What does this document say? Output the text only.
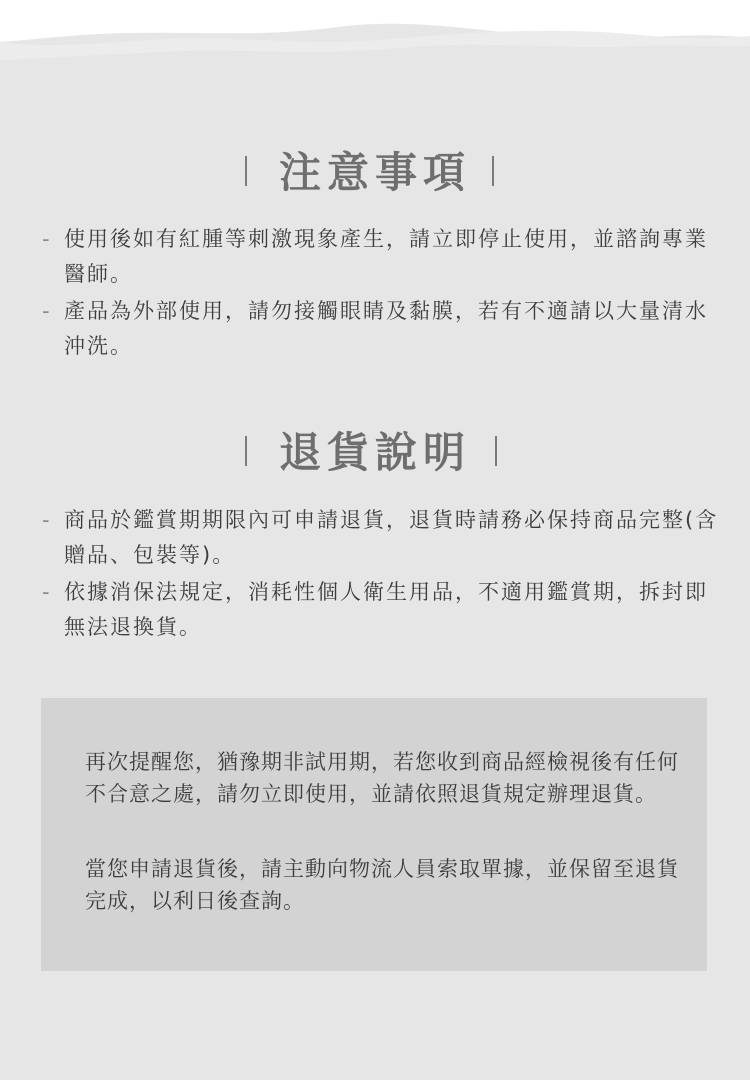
注意事項
- 使用後如有紅腫等刺激現象產生，請立即停止使用，並諮詢專業醫師。
- 產品為外部使用，請勿接觸眼睛及黏膜，若有不適請以大量清水沖洗。
退貨說明
- 商品於鑑賞期期限內可申請退貨，退貨時請務必保持商品完整(含贈品、包裝等)。
- 依據消保法規定，消耗性個人衛生用品，不適用鑑賞期，拆封即無法退換貨。

再次提醒您，猶豫期非試用期，若您收到商品經檢視後有任何不合意之處，請勿立即使用，並請依照退貨規定辦理退貨。

當您申請退貨後，請主動向物流人員索取單據，並保留至退貨完成，以利日後查詢。
